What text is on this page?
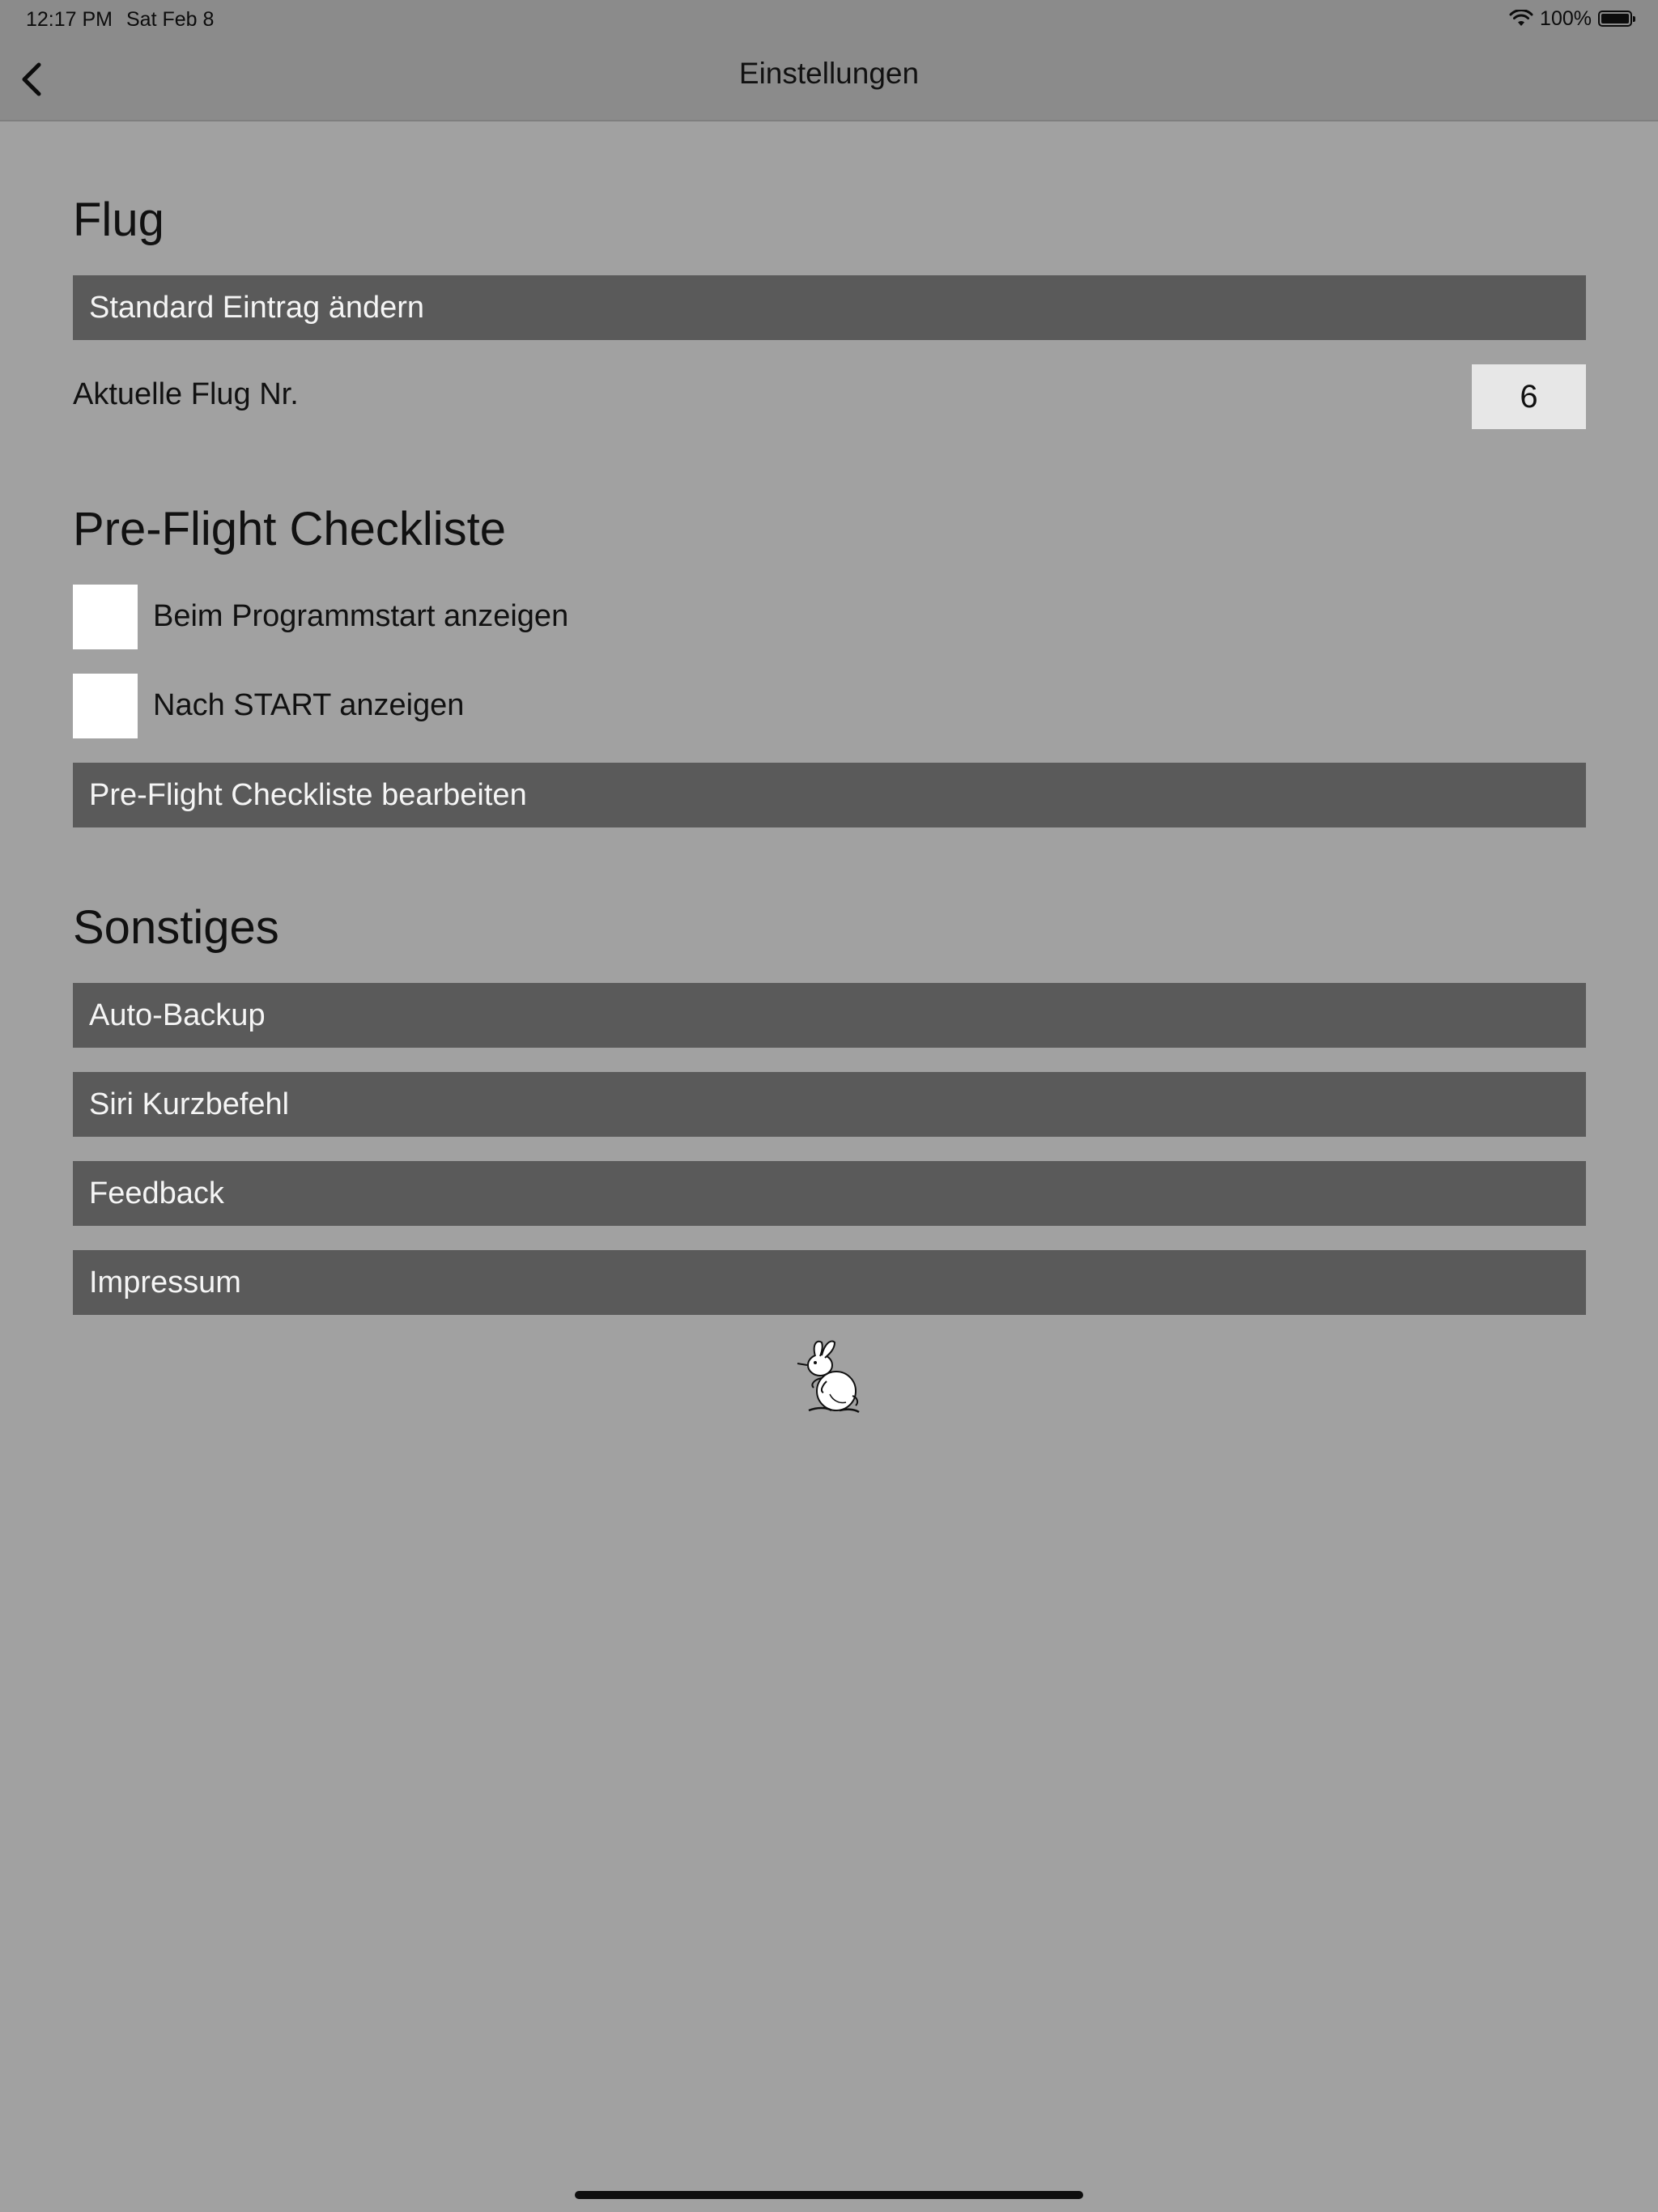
12:17 PM Sat Feb 8	100%
Einstellungen
Flug
Standard Eintrag ändern
Aktuelle Flug Nr.
6
Pre-Flight Checkliste
Beim Programmstart anzeigen
Nach START anzeigen
Pre-Flight Checkliste bearbeiten
Sonstiges
Auto-Backup
Siri Kurzbefehl
Feedback
Impressum
